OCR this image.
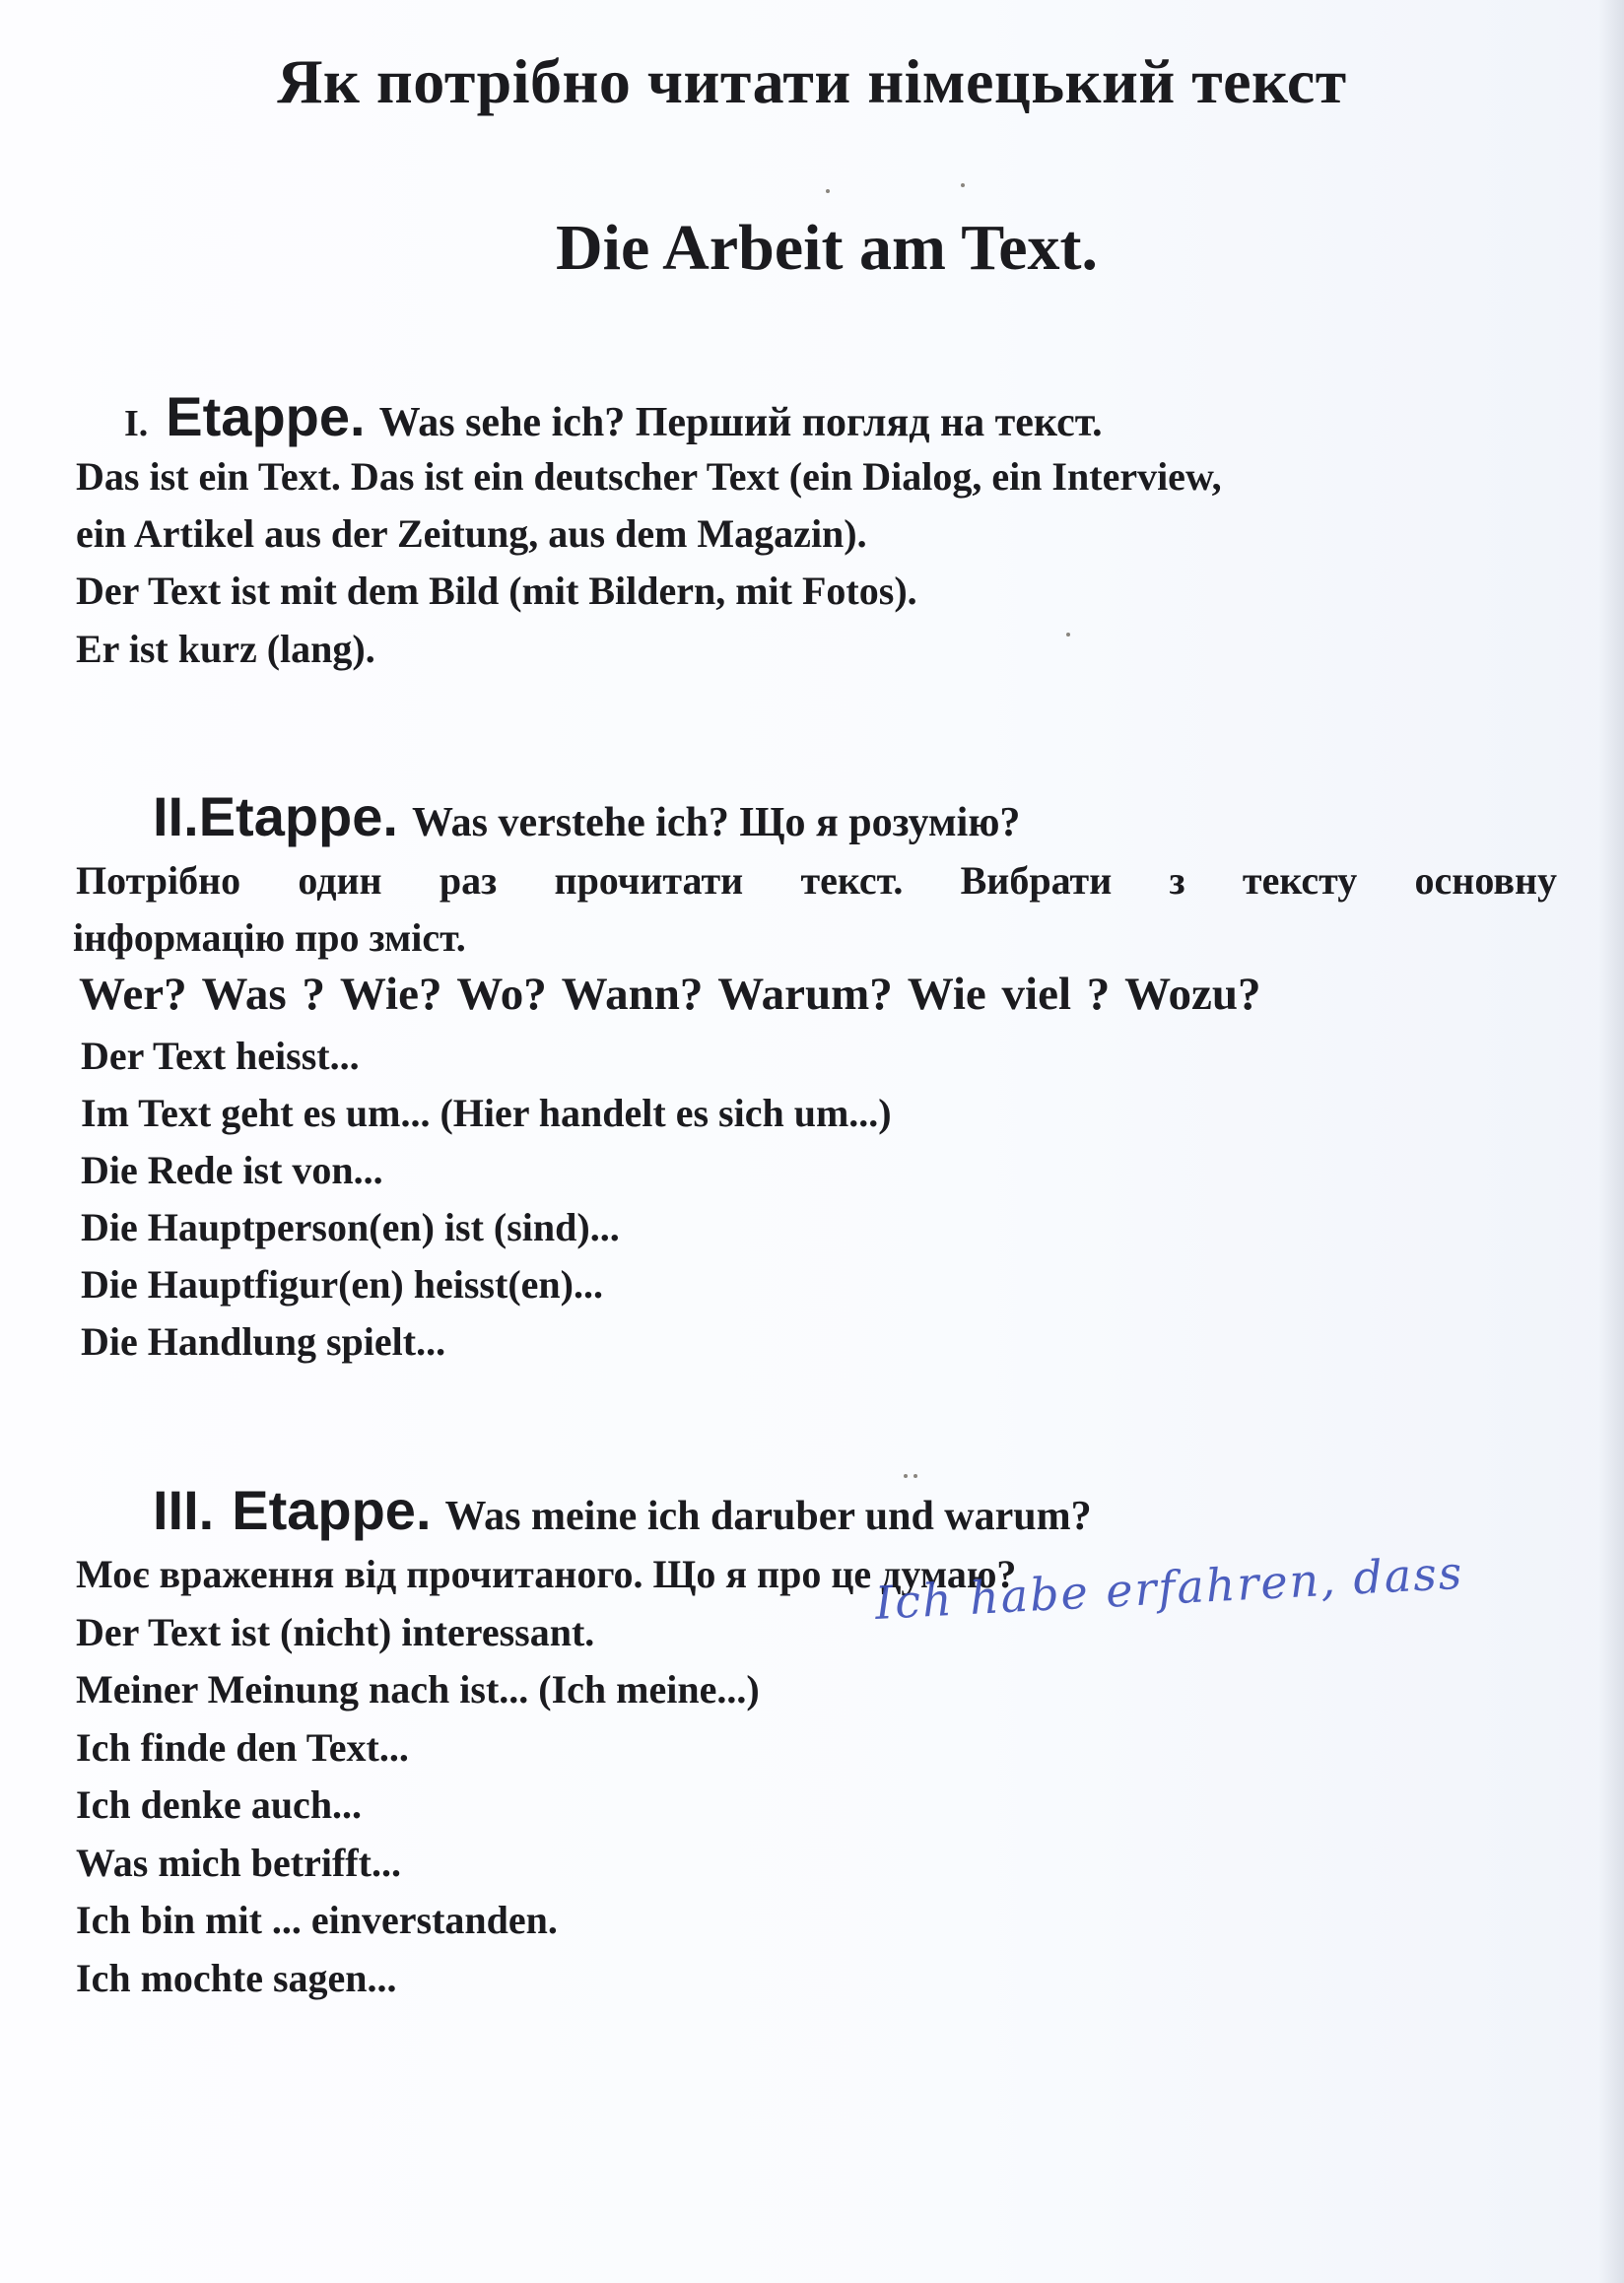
Як потрібно читати німецький текст
Die Arbeit am Text.
I. Etappe. Was sehe ich? Перший погляд на текст.
Das ist ein Text. Das ist ein deutscher Text (ein Dialog, ein Interview,
ein Artikel aus der Zeitung, aus dem Magazin).
Der Text ist mit dem Bild (mit Bildern, mit Fotos).
Er ist kurz (lang).
II.Etappe. Was verstehe ich? Що я розумію?
Потрібно один раз прочитати текст. Вибрати з тексту основну
інформацію про зміст.
Wer? Was ? Wie? Wo? Wann? Warum? Wie viel ? Wozu?
Der Text heisst...
Im Text geht es um... (Hier handelt es sich um...)
Die Rede ist von...
Die Hauptperson(en) ist (sind)...
Die Hauptfigur(en) heisst(en)...
Die Handlung spielt...
III. Etappe. Was meine ich daruber und warum?
Моє враження від прочитаного. Що я про це думаю?
Der Text ist (nicht) interessant.
Meiner Meinung nach ist... (Ich meine...)
Ich finde den Text...
Ich denke auch...
Was mich betrifft...
Ich bin mit ... einverstanden.
Ich mochte sagen...
Ich habe erfahren, dass
